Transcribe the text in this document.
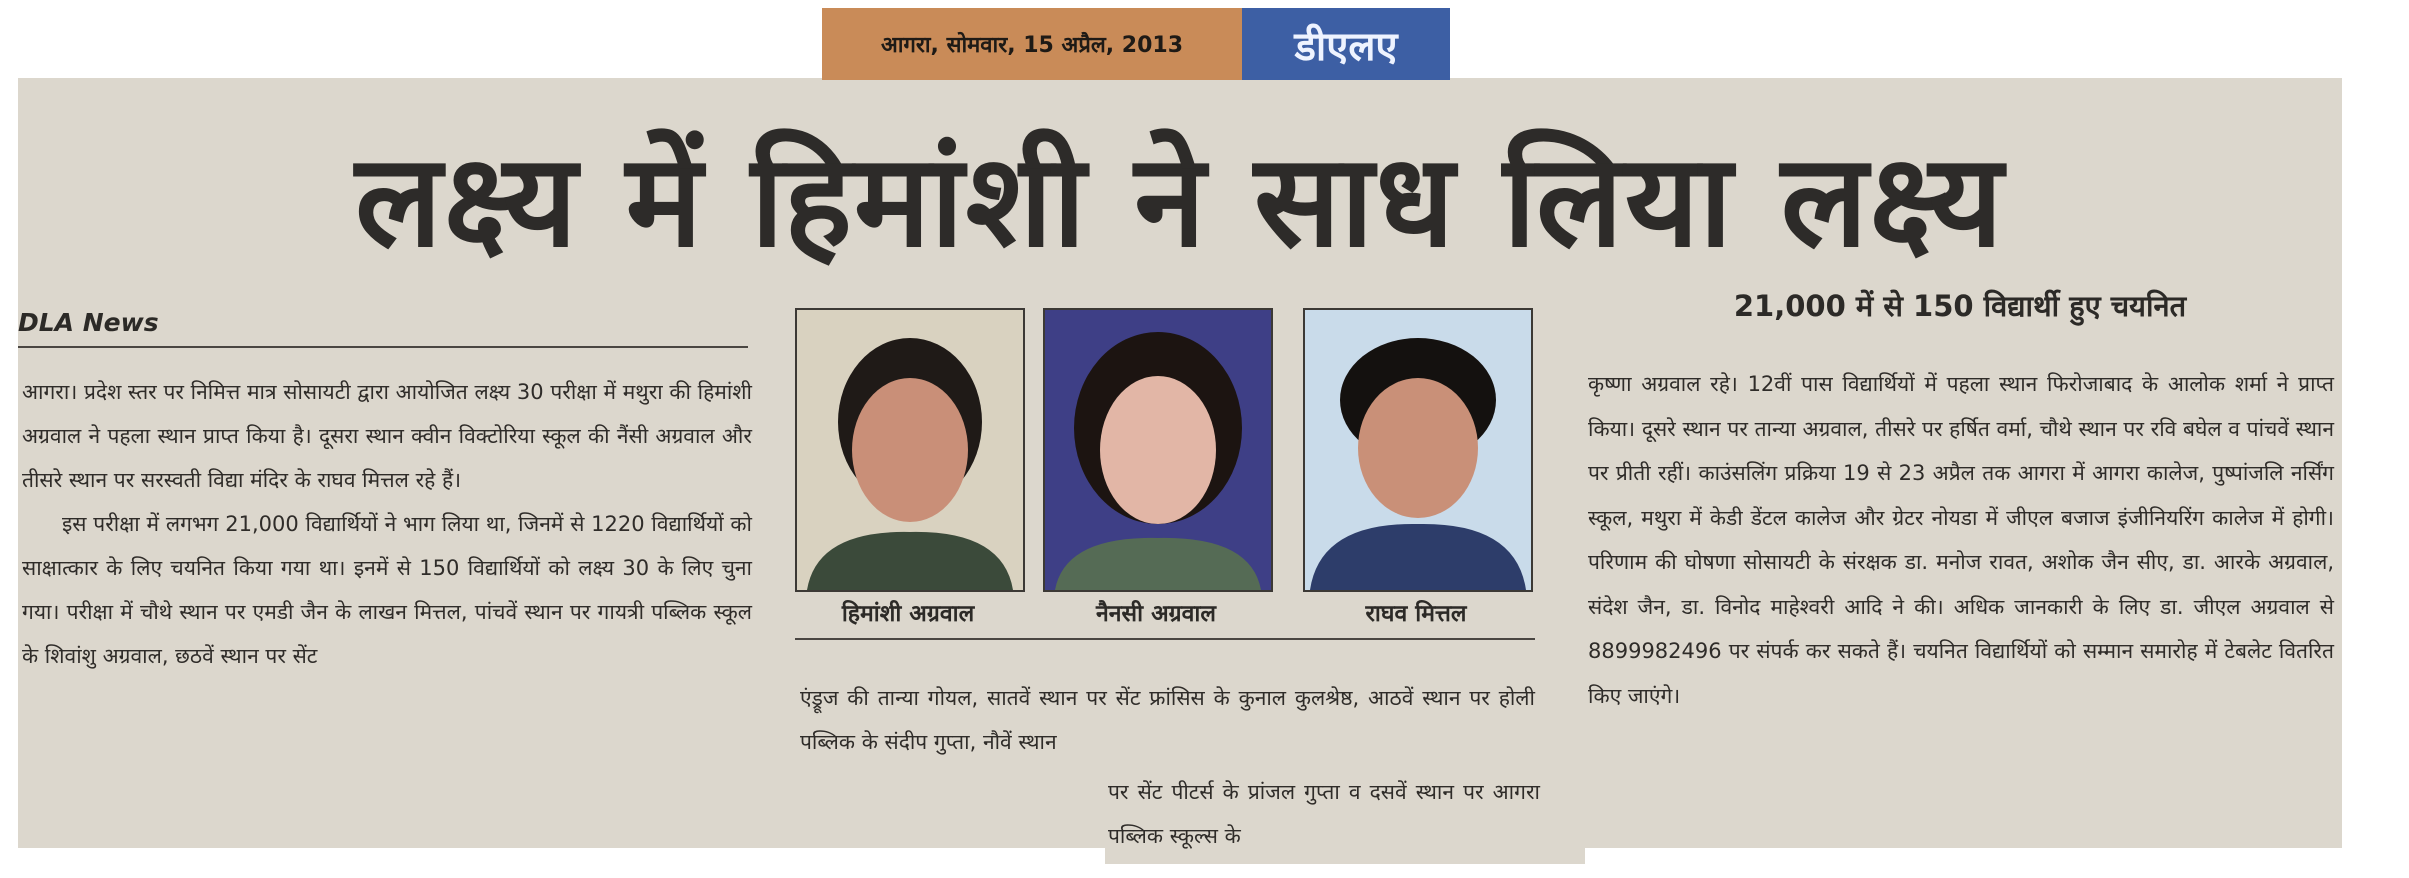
आगरा, सोमवार, 15 अप्रैल, 2013	डीएलए
लक्ष्य में हिमांशी ने साध लिया लक्ष्य
DLA News	21,000 में से 150 विद्यार्थी हुए चयनित

आगरा। प्रदेश स्तर पर निमित्त मात्र सोसायटी द्वारा आयोजित लक्ष्य 30 परीक्षा में मथुरा की हिमांशी अग्रवाल ने पहला स्थान प्राप्त किया है। दूसरा स्थान क्वीन विक्टोरिया स्कूल की नैंसी अग्रवाल और तीसरे स्थान पर सरस्वती विद्या मंदिर के राघव मित्तल रहे हैं।

इस परीक्षा में लगभग 21,000 विद्यार्थियों ने भाग लिया था, जिनमें से 1220 विद्यार्थियों को साक्षात्कार के लिए चयनित किया गया था। इनमें से 150 विद्यार्थियों को लक्ष्य 30 के लिए चुना गया। परीक्षा में चौथे स्थान पर एमडी जैन के लाखन मित्तल, पांचवें स्थान पर गायत्री पब्लिक स्कूल के शिवांशु अग्रवाल, छठवें स्थान पर सेंट

हिमांशी अग्रवाल	नैनसी अग्रवाल	राघव मित्तल
एंड्रूज की तान्या गोयल, सातवें स्थान पर सेंट फ्रांसिस के कुनाल कुलश्रेष्ठ, आठवें स्थान पर होली पब्लिक के संदीप गुप्ता, नौवें स्थान
पर सेंट पीटर्स के प्रांजल गुप्ता व दसवें स्थान पर आगरा पब्लिक स्कूल्स के
कृष्णा अग्रवाल रहे। 12वीं पास विद्यार्थियों में पहला स्थान फिरोजाबाद के आलोक शर्मा ने प्राप्त किया। दूसरे स्थान पर तान्या अग्रवाल, तीसरे पर हर्षित वर्मा, चौथे स्थान पर रवि बघेल व पांचवें स्थान पर प्रीती रहीं। काउंसलिंग प्रक्रिया 19 से 23 अप्रैल तक आगरा में आगरा कालेज, पुष्पांजलि नर्सिंग स्कूल, मथुरा में केडी डेंटल कालेज और ग्रेटर नोयडा में जीएल बजाज इंजीनियरिंग कालेज में होगी। परिणाम की घोषणा सोसायटी के संरक्षक डा. मनोज रावत, अशोक जैन सीए, डा. आरके अग्रवाल, संदेश जैन, डा. विनोद माहेश्वरी आदि ने की। अधिक जानकारी के लिए डा. जीएल अग्रवाल से 8899982496 पर संपर्क कर सकते हैं। चयनित विद्यार्थियों को सम्मान समारोह में टेबलेट वितरित किए जाएंगे।
